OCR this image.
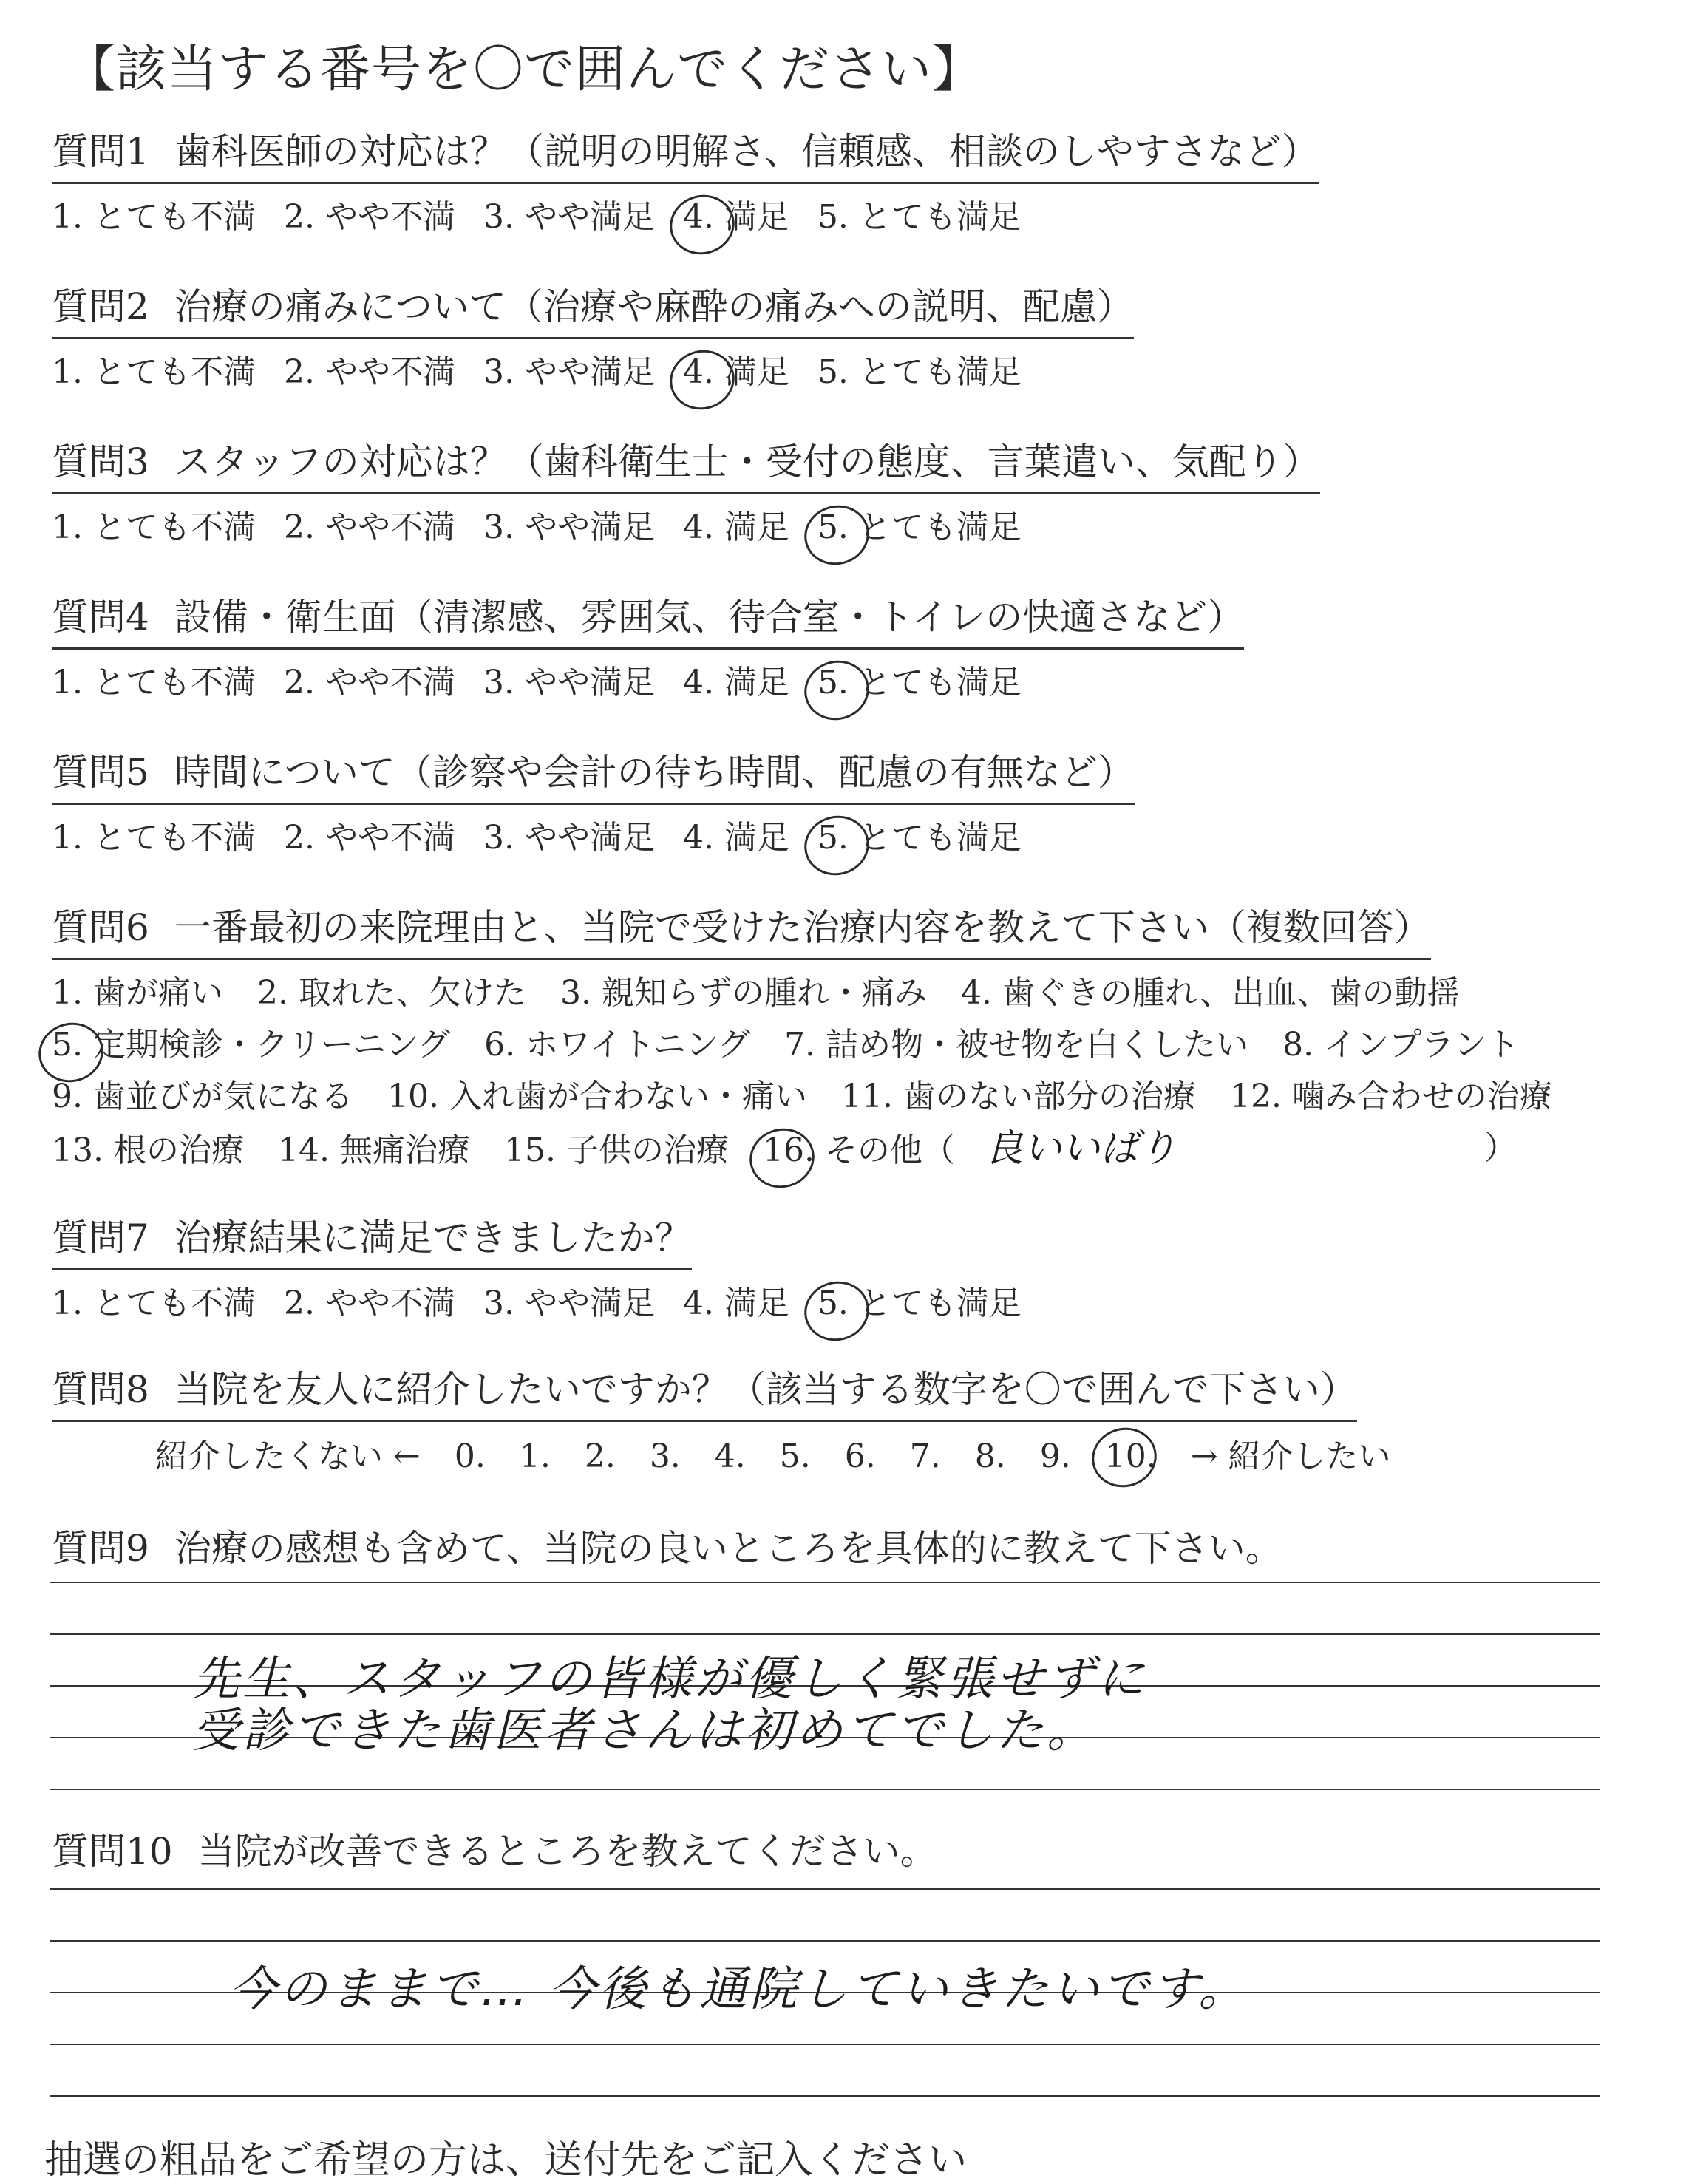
【該当する番号を〇で囲んでください】
質問1 歯科医師の対応は？（説明の明解さ、信頼感、相談のしやすさなど）
1. とても不満 2. やや不満 3. やや満足 4. 満足 5. とても満足
質問2 治療の痛みについて（治療や麻酔の痛みへの説明、配慮）
1. とても不満 2. やや不満 3. やや満足 4. 満足 5. とても満足
質問3 スタッフの対応は？（歯科衛生士・受付の態度、言葉遣い、気配り）
1. とても不満 2. やや不満 3. やや満足 4. 満足 5. とても満足
質問4 設備・衛生面（清潔感、雰囲気、待合室・トイレの快適さなど）
1. とても不満 2. やや不満 3. やや満足 4. 満足 5. とても満足
質問5 時間について（診察や会計の待ち時間、配慮の有無など）
1. とても不満 2. やや不満 3. やや満足 4. 満足 5. とても満足
質問6 一番最初の来院理由と、当院で受けた治療内容を教えて下さい（複数回答）
1. 歯が痛い 2. 取れた、欠けた 3. 親知らずの腫れ・痛み 4. 歯ぐきの腫れ、出血、歯の動揺
5. 定期検診・クリーニング 6. ホワイトニング 7. 詰め物・被せ物を白くしたい 8. インプラント
9. 歯並びが気になる 10. 入れ歯が合わない・痛い 11. 歯のない部分の治療 12. 噛み合わせの治療
13. 根の治療 14. 無痛治療 15. 子供の治療 16. その他（ 良いいばり	）
質問7 治療結果に満足できましたか？
1. とても不満 2. やや不満 3. やや満足 4. 満足 5. とても満足
質問8 当院を友人に紹介したいですか？（該当する数字を〇で囲んで下さい）
紹介したくない ← 0. 1. 2. 3. 4. 5. 6. 7. 8. 9. 10. → 紹介したい
質問9 治療の感想も含めて、当院の良いところを具体的に教えて下さい。
先生、スタッフの皆様が優しく緊張せずに
受診できた歯医者さんは初めてでした。
質問10 当院が改善できるところを教えてください。
今のままで… 今後も通院していきたいです。
抽選の粗品をご希望の方は、送付先をご記入ください
